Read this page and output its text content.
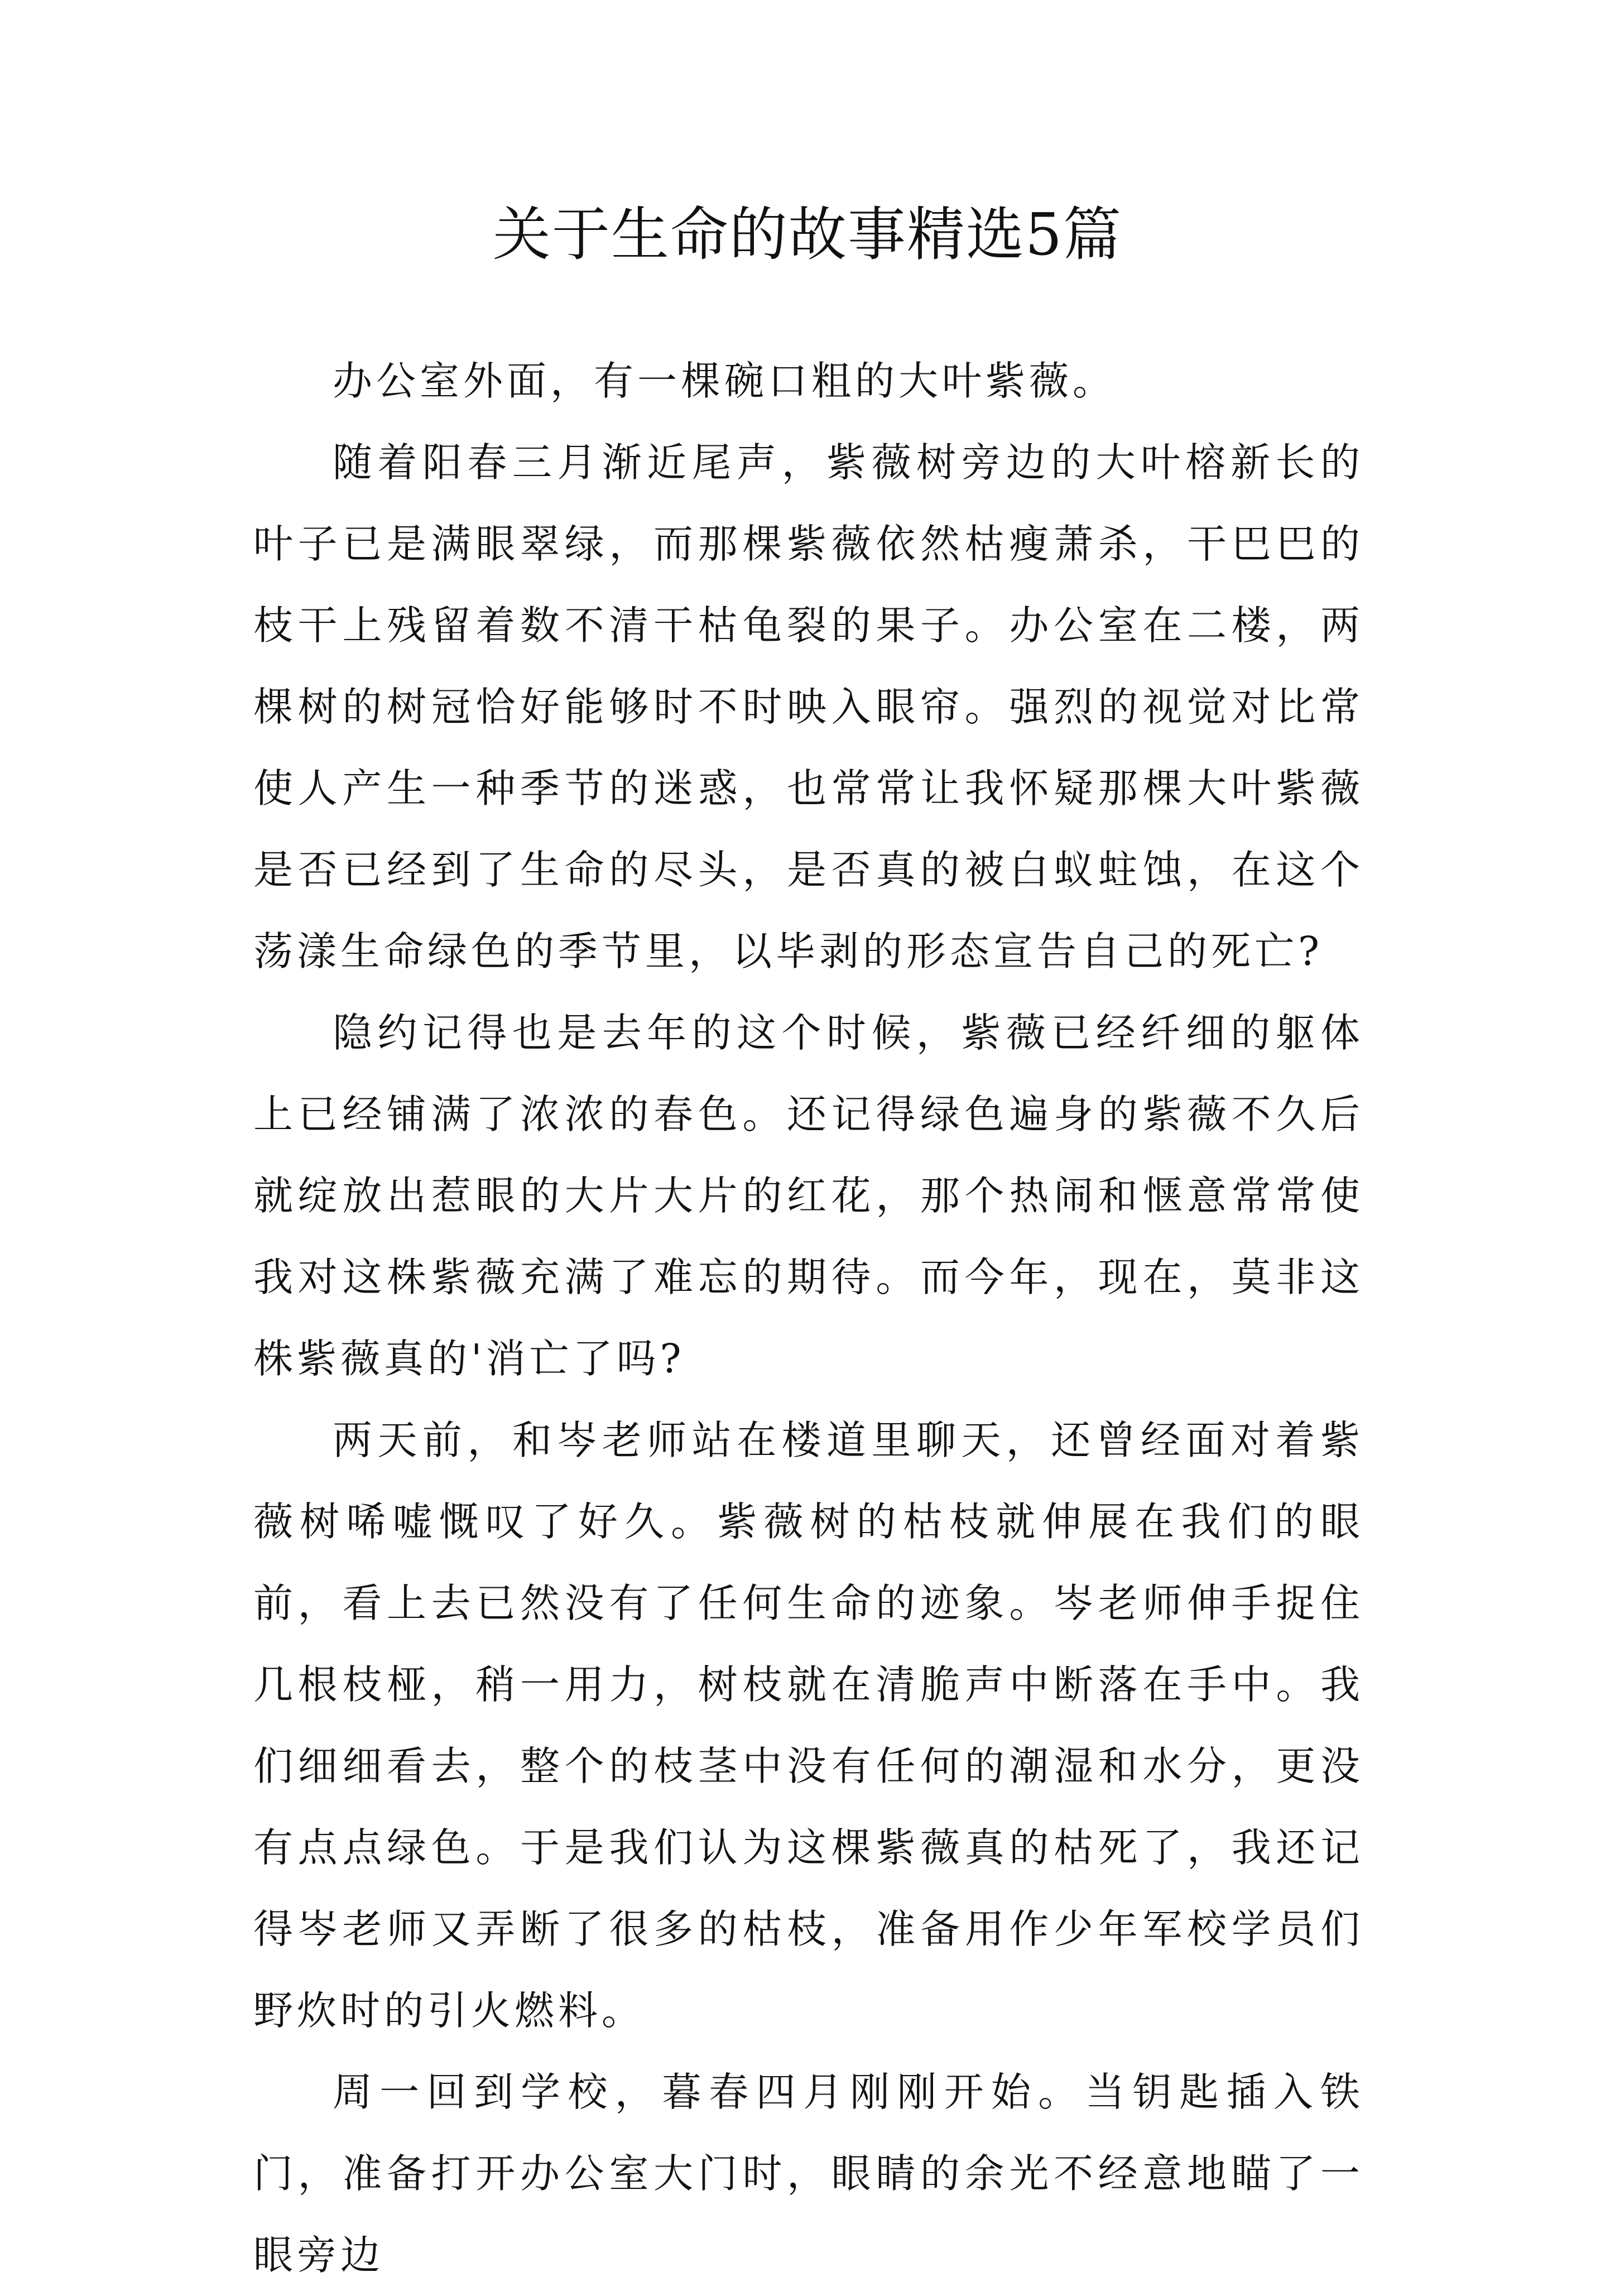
关于生命的故事精选5篇

办公室外面，有一棵碗口粗的大叶紫薇。

随着阳春三月渐近尾声，紫薇树旁边的大叶榕新长的叶子已是满眼翠绿，而那棵紫薇依然枯瘦萧杀，干巴巴的枝干上残留着数不清干枯龟裂的果子。办公室在二楼，两棵树的树冠恰好能够时不时映入眼帘。强烈的视觉对比常使人产生一种季节的迷惑，也常常让我怀疑那棵大叶紫薇是否已经到了生命的尽头，是否真的被白蚁蛀蚀，在这个荡漾生命绿色的季节里，以毕剥的形态宣告自己的死亡?

隐约记得也是去年的这个时候，紫薇已经纤细的躯体上已经铺满了浓浓的春色。还记得绿色遍身的紫薇不久后就绽放出惹眼的大片大片的红花，那个热闹和惬意常常使我对这株紫薇充满了难忘的期待。而今年，现在，莫非这株紫薇真的'消亡了吗?

两天前，和岑老师站在楼道里聊天，还曾经面对着紫薇树唏嘘慨叹了好久。紫薇树的枯枝就伸展在我们的眼前，看上去已然没有了任何生命的迹象。岑老师伸手捉住几根枝桠，稍一用力，树枝就在清脆声中断落在手中。我们细细看去，整个的枝茎中没有任何的潮湿和水分，更没有点点绿色。于是我们认为这棵紫薇真的枯死了，我还记得岑老师又弄断了很多的枯枝，准备用作少年军校学员们野炊时的引火燃料。

周一回到学校，暮春四月刚刚开始。当钥匙插入铁门，准备打开办公室大门时，眼睛的余光不经意地瞄了一眼旁边
